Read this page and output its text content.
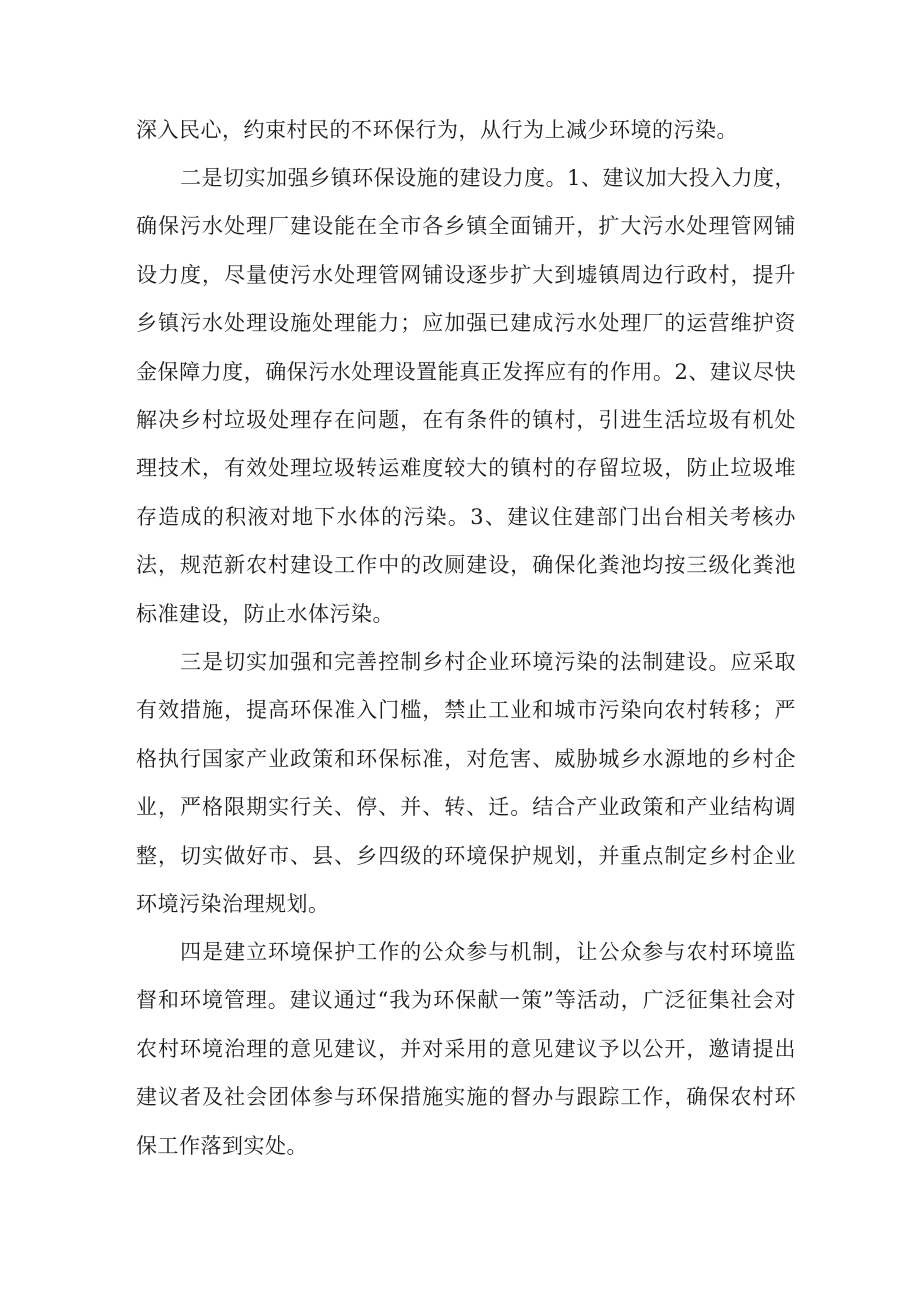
深入民心，约束村民的不环保行为，从行为上减少环境的污染。

二是切实加强乡镇环保设施的建设力度。1、建议加大投入力度，确保污水处理厂建设能在全市各乡镇全面铺开，扩大污水处理管网铺设力度，尽量使污水处理管网铺设逐步扩大到墟镇周边行政村，提升乡镇污水处理设施处理能力；应加强已建成污水处理厂的运营维护资金保障力度，确保污水处理设置能真正发挥应有的作用。2、建议尽快解决乡村垃圾处理存在问题，在有条件的镇村，引进生活垃圾有机处理技术，有效处理垃圾转运难度较大的镇村的存留垃圾，防止垃圾堆存造成的积液对地下水体的污染。3、建议住建部门出台相关考核办法，规范新农村建设工作中的改厕建设，确保化粪池均按三级化粪池标准建设，防止水体污染。

三是切实加强和完善控制乡村企业环境污染的法制建设。应采取有效措施，提高环保准入门槛，禁止工业和城市污染向农村转移；严格执行国家产业政策和环保标准，对危害、威胁城乡水源地的乡村企业，严格限期实行关、停、并、转、迁。结合产业政策和产业结构调整，切实做好市、县、乡四级的环境保护规划，并重点制定乡村企业环境污染治理规划。

四是建立环境保护工作的公众参与机制，让公众参与农村环境监督和环境管理。建议通过“我为环保献一策”等活动，广泛征集社会对农村环境治理的意见建议，并对采用的意见建议予以公开，邀请提出建议者及社会团体参与环保措施实施的督办与跟踪工作，确保农村环保工作落到实处。
